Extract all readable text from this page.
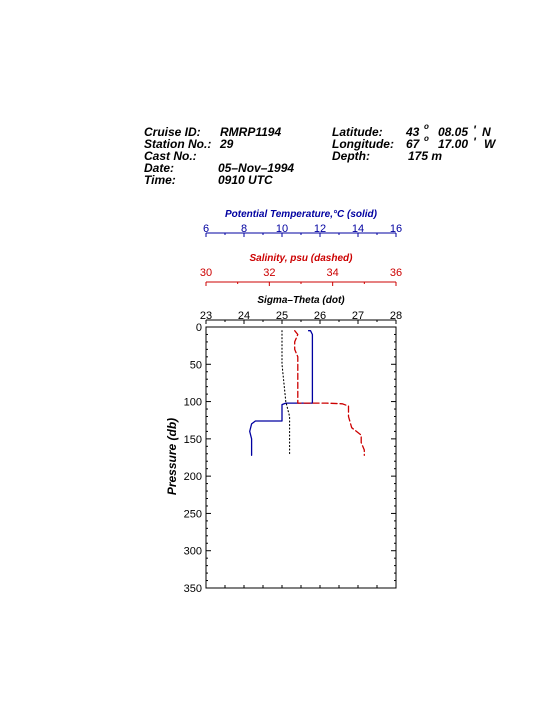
Cruise ID: RMRP1194
Station No.: 29
Cast No.:
Date:	05–Nov–1994
Time:	0910 UTC
Latitude: 43 o 08.05 ' N
Longitude: 67 o 17.00 ' W
Depth:	175 m
Potential Temperature,°C (solid)
6	8	10 12 14 16
Salinity, psu (dashed)
30	32	34	36
Sigma–Theta (dot)
23 24 25 26 27 28
0
50
100
150
200
250
300
350
Pressure (db)
